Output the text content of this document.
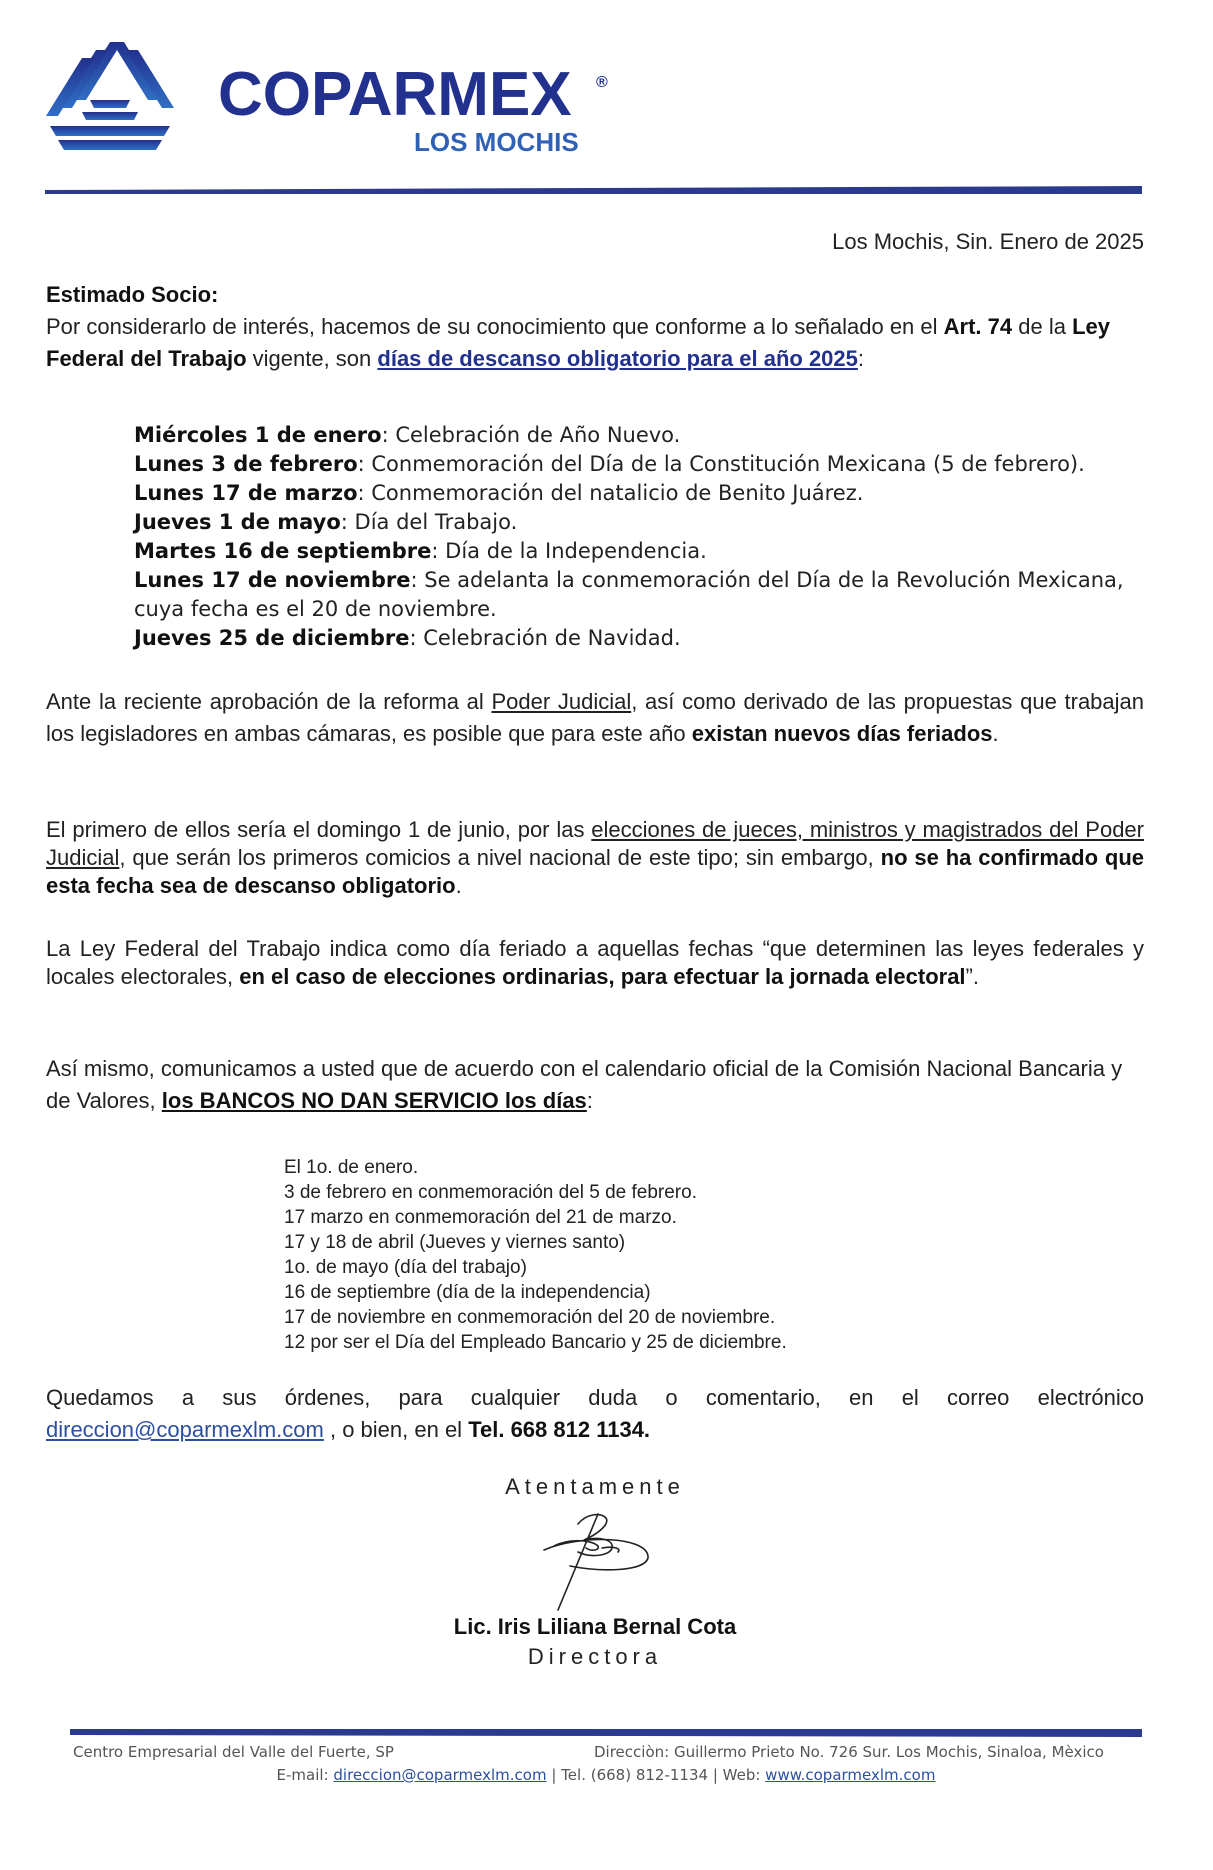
COPARMEX ®
LOS MOCHIS
Los Mochis, Sin. Enero de 2025
Estimado Socio:
Por considerarlo de interés, hacemos de su conocimiento que conforme a lo señalado en el Art. 74 de la Ley Federal del Trabajo vigente, son días de descanso obligatorio para el año 2025:
Miércoles 1 de enero: Celebración de Año Nuevo.
Lunes 3 de febrero: Conmemoración del Día de la Constitución Mexicana (5 de febrero).
Lunes 17 de marzo: Conmemoración del natalicio de Benito Juárez.
Jueves 1 de mayo: Día del Trabajo.
Martes 16 de septiembre: Día de la Independencia.
Lunes 17 de noviembre: Se adelanta la conmemoración del Día de la Revolución Mexicana, cuya fecha es el 20 de noviembre.
Jueves 25 de diciembre: Celebración de Navidad.
Ante la reciente aprobación de la reforma al Poder Judicial, así como derivado de las propuestas que trabajan los legisladores en ambas cámaras, es posible que para este año existan nuevos días feriados.
El primero de ellos sería el domingo 1 de junio, por las elecciones de jueces, ministros y magistrados del Poder Judicial, que serán los primeros comicios a nivel nacional de este tipo; sin embargo, no se ha confirmado que esta fecha sea de descanso obligatorio.
La Ley Federal del Trabajo indica como día feriado a aquellas fechas “que determinen las leyes federales y locales electorales, en el caso de elecciones ordinarias, para efectuar la jornada electoral”.
Así mismo, comunicamos a usted que de acuerdo con el calendario oficial de la Comisión Nacional Bancaria y de Valores, los BANCOS NO DAN SERVICIO los días:
El 1o. de enero.
3 de febrero en conmemoración del 5 de febrero.
17 marzo en conmemoración del 21 de marzo.
17 y 18 de abril (Jueves y viernes santo)
1o. de mayo (día del trabajo)
16 de septiembre (día de la independencia)
17 de noviembre en conmemoración del 20 de noviembre.
12 por ser el Día del Empleado Bancario y 25 de diciembre.
Quedamos a sus órdenes, para cualquier duda o comentario, en el correo electrónico direccion@coparmexlm.com , o bien, en el Tel. 668 812 1134.
Atentamente
Lic. Iris Liliana Bernal Cota
Directora
Centro Empresarial del Valle del Fuerte, SP	Direcciòn: Guillermo Prieto No. 726 Sur. Los Mochis, Sinaloa, Mèxico
E-mail: direccion@coparmexlm.com | Tel. (668) 812-1134 | Web: www.coparmexlm.com
